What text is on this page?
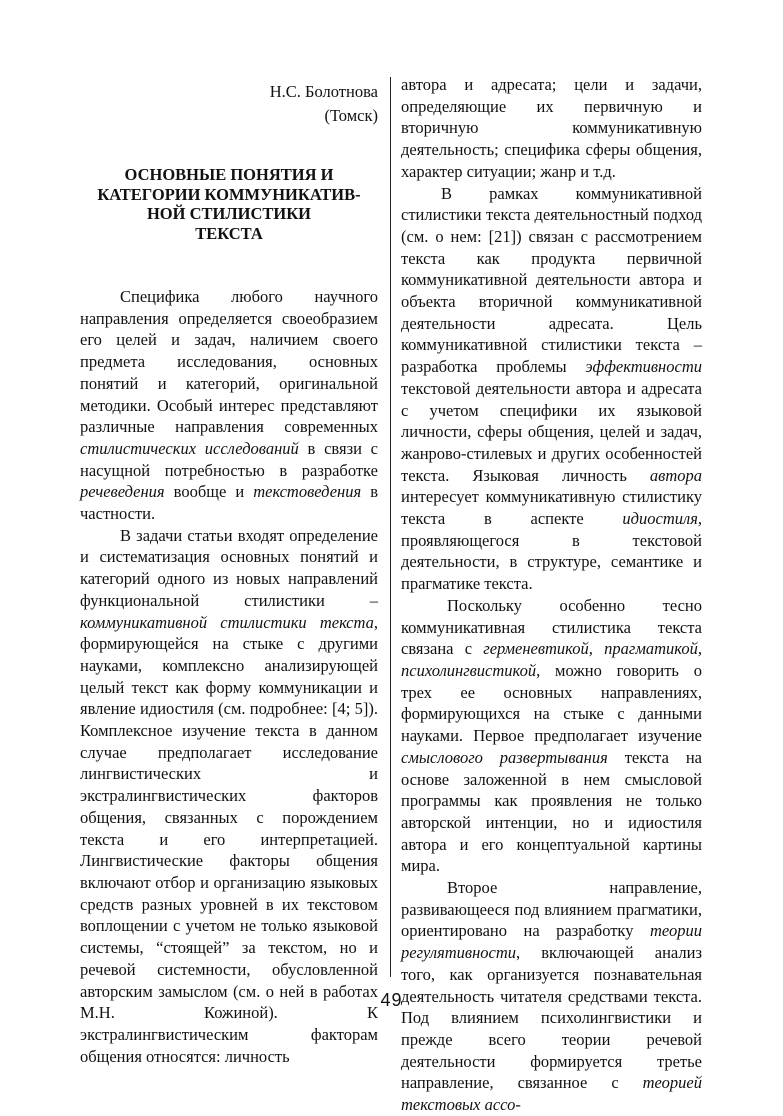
Н.С. Болотнова
(Томск)
ОСНОВНЫЕ ПОНЯТИЯ И
КАТЕГОРИИ КОММУНИКАТИВ-
НОЙ СТИЛИСТИКИ
ТЕКСТА

Специфика любого научного направления определяется своеобразием его целей и задач, наличием своего предмета исследования, основных понятий и категорий, оригинальной методики. Особый интерес представляют различные направления современных стилистических исследований в связи с насущной потребностью в разработке речеведения вообще и текстоведения в частности.

В задачи статьи входят определение и систематизация основных понятий и категорий одного из новых направлений функциональной стилистики – коммуникативной стилистики текста, формирующейся на стыке с другими науками, комплексно анализирующей целый текст как форму коммуникации и явление идиостиля (см. подробнее: [4; 5]). Комплексное изучение текста в данном случае предполагает исследование лингвистических и экстралингвистических факторов общения, связанных с порождением текста и его интерпретацией. Лингвистические факторы общения включают отбор и организацию языковых средств разных уровней в их текстовом воплощении с учетом не только языковой системы, “стоящей” за текстом, но и речевой системности, обусловленной авторским замыслом (см. о ней в работах М.Н. Кожиной). К экстралингвистическим факторам общения относятся: личность

автора и адресата; цели и задачи, определяющие их первичную и вторичную коммуникативную деятельность; специфика сферы общения, характер ситуации; жанр и т.д.

В рамках коммуникативной стилистики текста деятельностный подход (см. о нем: [21]) связан с рассмотрением текста как продукта первичной коммуникативной деятельности автора и объекта вторичной коммуникативной деятельности адресата. Цель коммуникативной стилистики текста – разработка проблемы эффективности текстовой деятельности автора и адресата с учетом специфики их языковой личности, сферы общения, целей и задач, жанрово-стилевых и других особенностей текста. Языковая личность автора интересует коммуникативную стилистику текста в аспекте идиостиля, проявляющегося в текстовой деятельности, в структуре, семантике и прагматике текста.

Поскольку особенно тесно коммуникативная стилистика текста связана с герменевтикой, прагматикой, психолингвистикой, можно говорить о трех ее основных направлениях, формирующихся на стыке с данными науками. Первое предполагает изучение смыслового развертывания текста на основе заложенной в нем смысловой программы как проявления не только авторской интенции, но и идиостиля автора и его концептуальной картины мира.

Второе направление, развивающееся под влиянием прагматики, ориентировано на разработку теории регулятивности, включающей анализ того, как организуется познавательная деятельность читателя средствами текста. Под влиянием психолингвистики и прежде всего теории речевой деятельности формируется третье направление, связанное с теорией текстовых ассо-

49
